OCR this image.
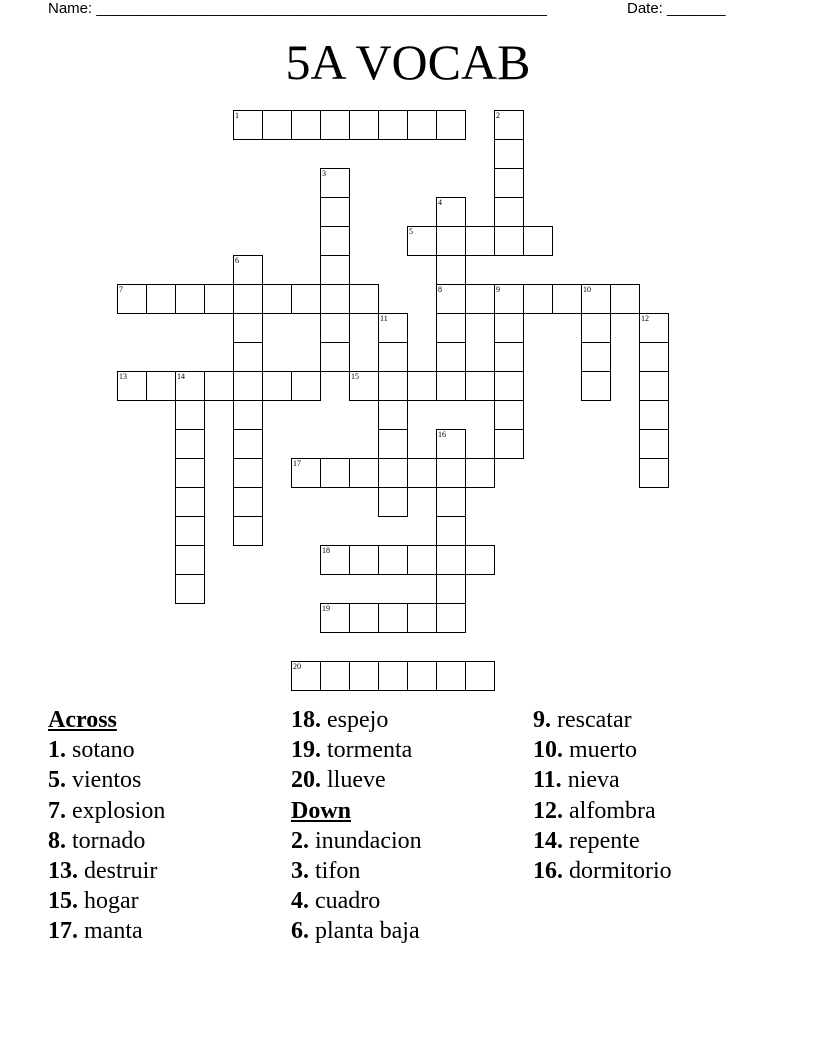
Name: ______________________________________________________	Date: _______
5A VOCAB
1	2
3
4
8
5
6
7	9	10
11	12
13	14	15
16
17
18
19
20
Across
1. sotano
5. vientos
7. explosion
8. tornado
13. destruir
15. hogar
17. manta
18. espejo
19. tormenta
20. llueve
Down
2. inundacion
3. tifon
4. cuadro
6. planta baja
9. rescatar
10. muerto
11. nieva
12. alfombra
14. repente
16. dormitorio
